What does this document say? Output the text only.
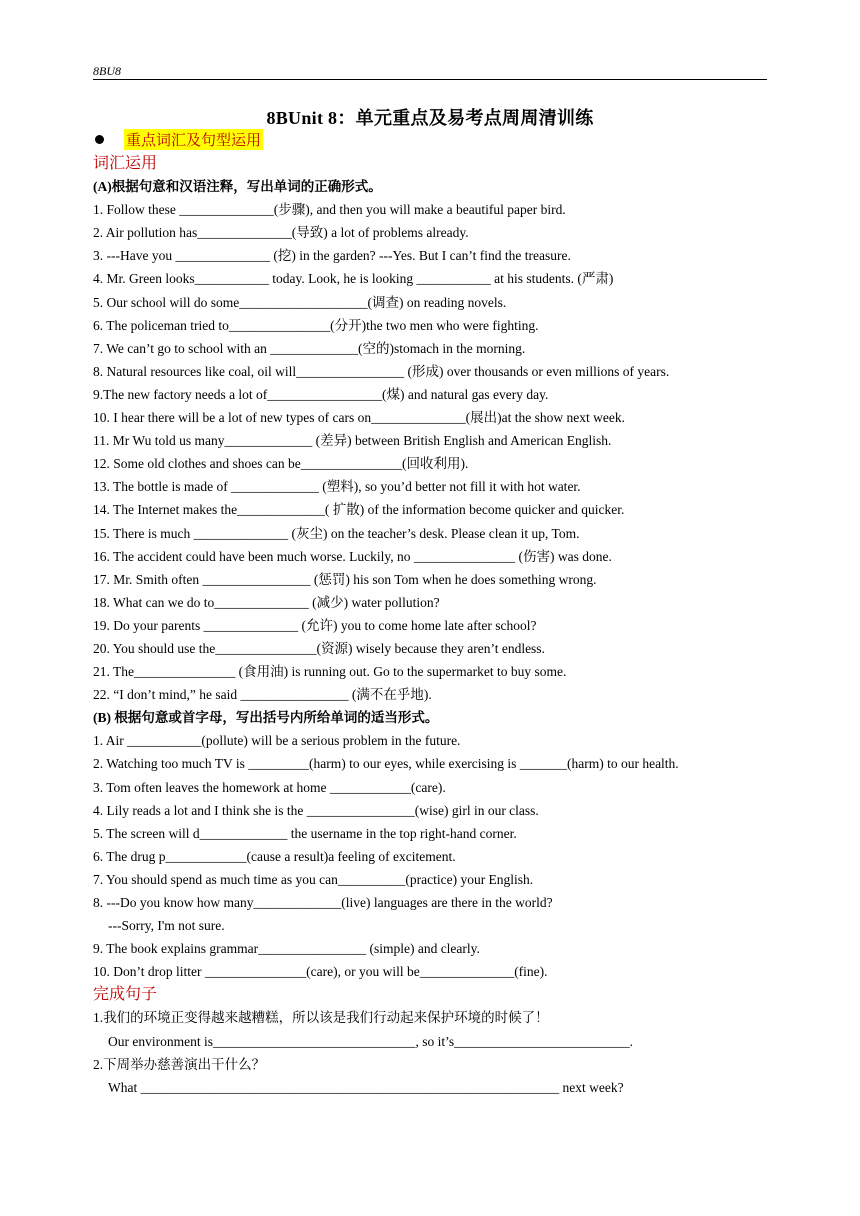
8BU8
8BUnit 8：单元重点及易考点周周清训练
重点词汇及句型运用
词汇运用
(A)根据句意和汉语注释，写出单词的正确形式。
1. Follow these ______________(步骤), and then you will make a beautiful paper bird.
2. Air pollution has______________(导致) a lot of problems already.
3. ---Have you ______________ (挖) in the garden? ---Yes. But I can’t find the treasure.
4. Mr. Green looks___________ today. Look, he is looking ___________ at his students. (严肃)
5. Our school will do some___________________(调查) on reading novels.
6. The policeman tried to_______________(分开)the two men who were fighting.
7. We can’t go to school with an _____________(空的)stomach in the morning.
8. Natural resources like coal, oil will________________ (形成) over thousands or even millions of years.
9.The new factory needs a lot of_________________(煤) and natural gas every day.
10. I hear there will be a lot of new types of cars on______________(展出)at the show next week.
11. Mr Wu told us many_____________ (差异) between British English and American English.
12. Some old clothes and shoes can be_______________(回收利用).
13. The bottle is made of _____________ (塑料), so you’d better not fill it with hot water.
14. The Internet makes the_____________( 扩散) of the information become quicker and quicker.
15. There is much ______________ (灰尘) on the teacher’s desk. Please clean it up, Tom.
16. The accident could have been much worse. Luckily, no _______________ (伤害) was done.
17. Mr. Smith often ________________ (惩罚) his son Tom when he does something wrong.
18. What can we do to______________ (减少) water pollution?
19. Do your parents ______________ (允许) you to come home late after school?
20. You should use the_______________(资源) wisely because they aren’t endless.
21. The_______________ (食用油) is running out. Go to the supermarket to buy some.
22. “I don’t mind,” he said ________________ (满不在乎地).
(B) 根据句意或首字母，写出括号内所给单词的适当形式。
1. Air ___________(pollute) will be a serious problem in the future.
2. Watching too much TV is _________(harm) to our eyes, while exercising is _______(harm) to our health.
3. Tom often leaves the homework at home ____________(care).
4. Lily reads a lot and I think she is the ________________(wise) girl in our class.
5. The screen will d_____________ the username in the top right-hand corner.
6. The drug p____________(cause a result)a feeling of excitement.
7. You should spend as much time as you can__________(practice) your English.
8. ---Do you know how many_____________(live) languages are there in the world?
---Sorry, I'm not sure.
9. The book explains grammar________________ (simple) and clearly.
10. Don’t drop litter _______________(care), or you will be______________(fine).
完成句子
1.我们的环境正变得越来越糟糕，所以该是我们行动起来保护环境的时候了！
Our environment is______________________________, so it’s__________________________.
2.下周举办慈善演出干什么？
What ______________________________________________________________ next week?
